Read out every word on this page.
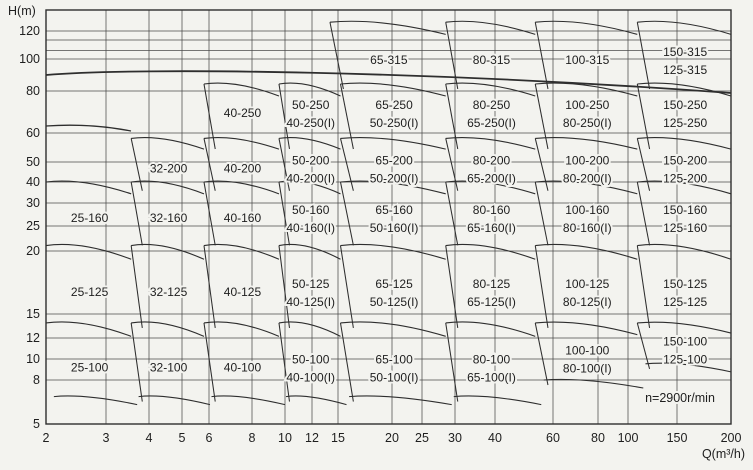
2	3	4 5 6	8 10 12 15	20 25 30 40	60 80 100 150	200
5
8
10
12
15
20
25
30
40
50
60
80
100
120
25-100	32-100	40-100
50-100
40-100(I)
65-100
50-100(I)
80-100
65-100(I)
100-100
80-100(I)
150-100
125-100
25-125	32-125	40-125
50-125
40-125(I)
65-125
50-125(I)
80-125
65-125(I)
100-125
80-125(I)
150-125
125-125
25-160	32-160	40-160
50-160
40-160(I)
65-160
50-160(I)
80-160
65-160(I)
100-160
80-160(I)
150-160
125-160
32-200	40-200
50-200
40-200(I)
65-200
50-200(I)
80-200
65-200(I)
100-200
80-200(I)
150-200
125-200
40-250
50-250
40-250(I)
65-250
50-250(I)
80-250
65-250(I)
100-250
80-250(I)
150-250
125-250
65-315	80-315	100-315
150-315
125-315
H(m)
Q(m³/h)
n=2900r/min
